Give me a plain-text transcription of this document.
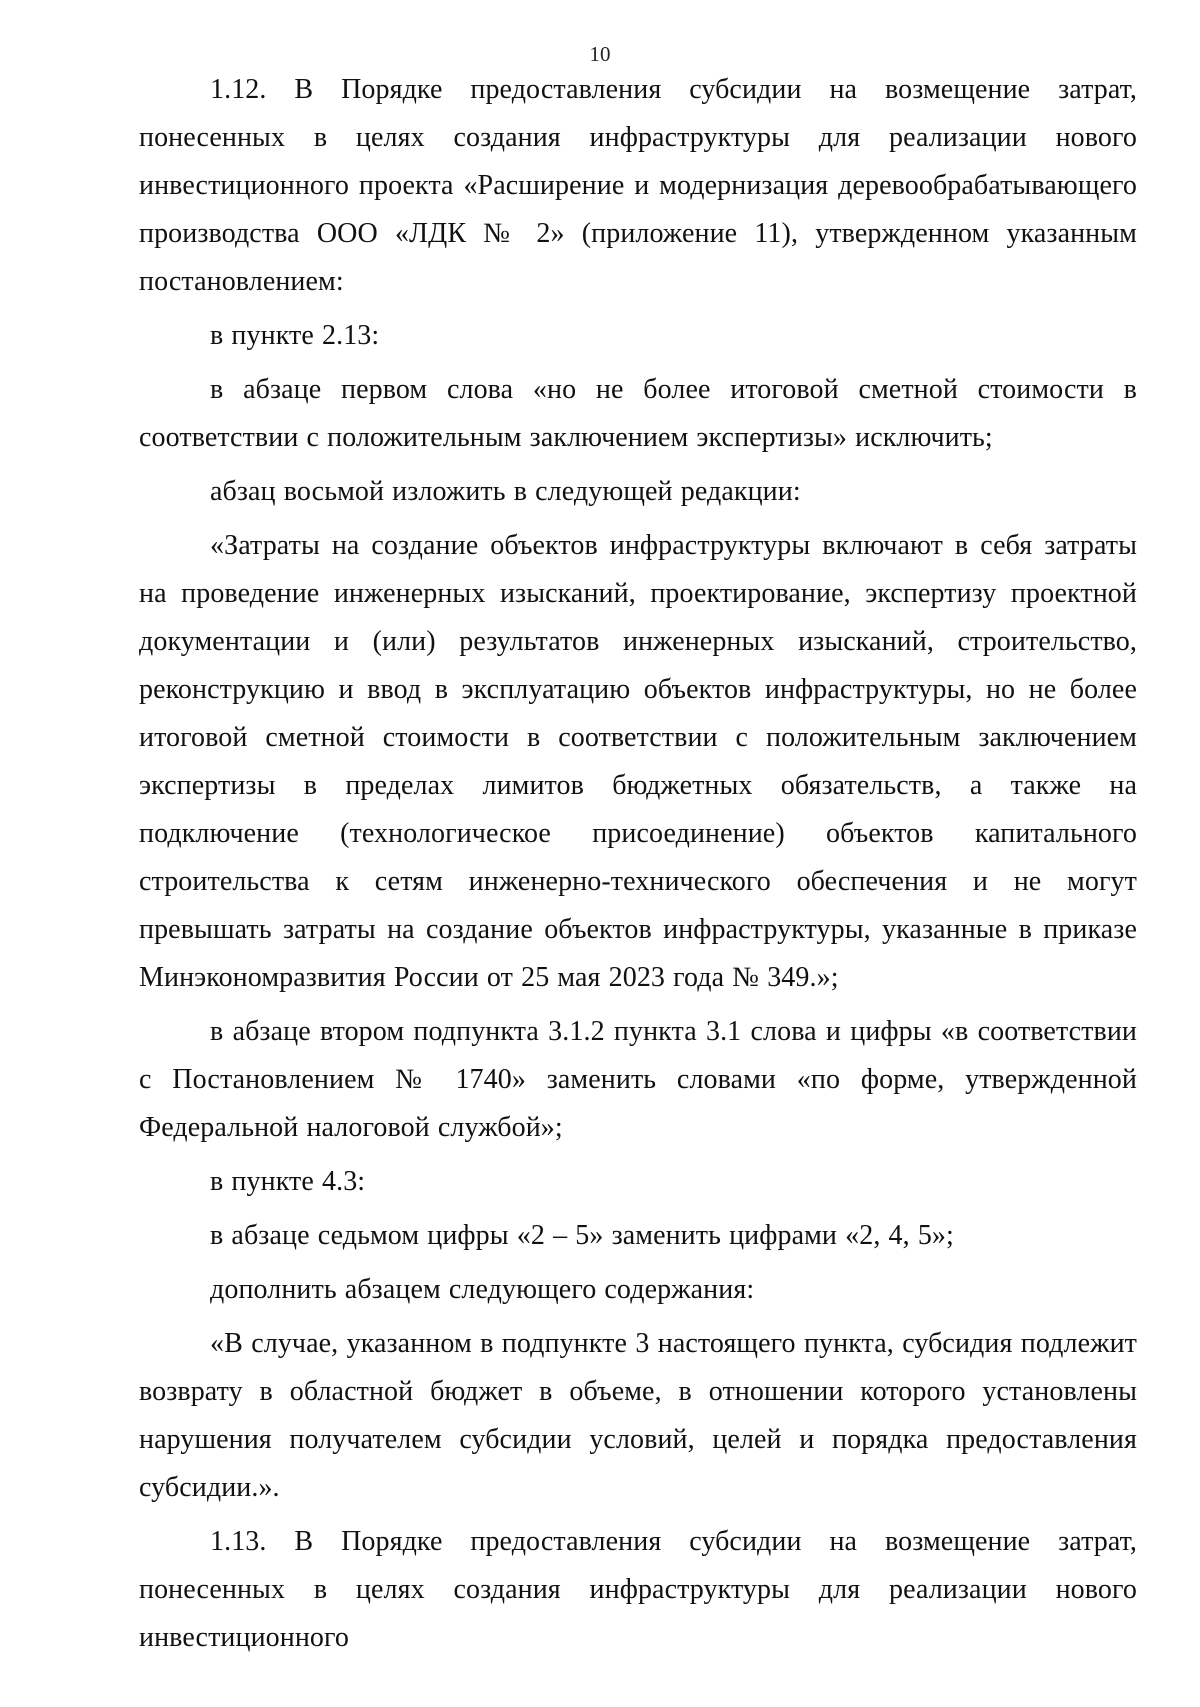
10

1.12. В Порядке предоставления субсидии на возмещение затрат, понесенных в целях создания инфраструктуры для реализации нового инвестиционного проекта «Расширение и модернизация деревообрабатывающего производства ООО «ЛДК № 2» (приложение 11), утвержденном указанным постановлением:

в пункте 2.13:

в абзаце первом слова «но не более итоговой сметной стоимости в соответствии с положительным заключением экспертизы» исключить;

абзац восьмой изложить в следующей редакции:

«Затраты на создание объектов инфраструктуры включают в себя затраты на проведение инженерных изысканий, проектирование, экспертизу проектной документации и (или) результатов инженерных изысканий, строительство, реконструкцию и ввод в эксплуатацию объектов инфраструктуры, но не более итоговой сметной стоимости в соответствии с положительным заключением экспертизы в пределах лимитов бюджетных обязательств, а также на подключение (технологическое присоединение) объектов капитального строительства к сетям инженерно-технического обеспечения и не могут превышать затраты на создание объектов инфраструктуры, указанные в приказе Минэкономразвития России от 25 мая 2023 года № 349.»;

в абзаце втором подпункта 3.1.2 пункта 3.1 слова и цифры «в соответствии с Постановлением № 1740» заменить словами «по форме, утвержденной Федеральной налоговой службой»;

в пункте 4.3:

в абзаце седьмом цифры «2 – 5» заменить цифрами «2, 4, 5»;

дополнить абзацем следующего содержания:

«В случае, указанном в подпункте 3 настоящего пункта, субсидия подлежит возврату в областной бюджет в объеме, в отношении которого установлены нарушения получателем субсидии условий, целей и порядка предоставления субсидии.».

1.13. В Порядке предоставления субсидии на возмещение затрат, понесенных в целях создания инфраструктуры для реализации нового инвестиционного
